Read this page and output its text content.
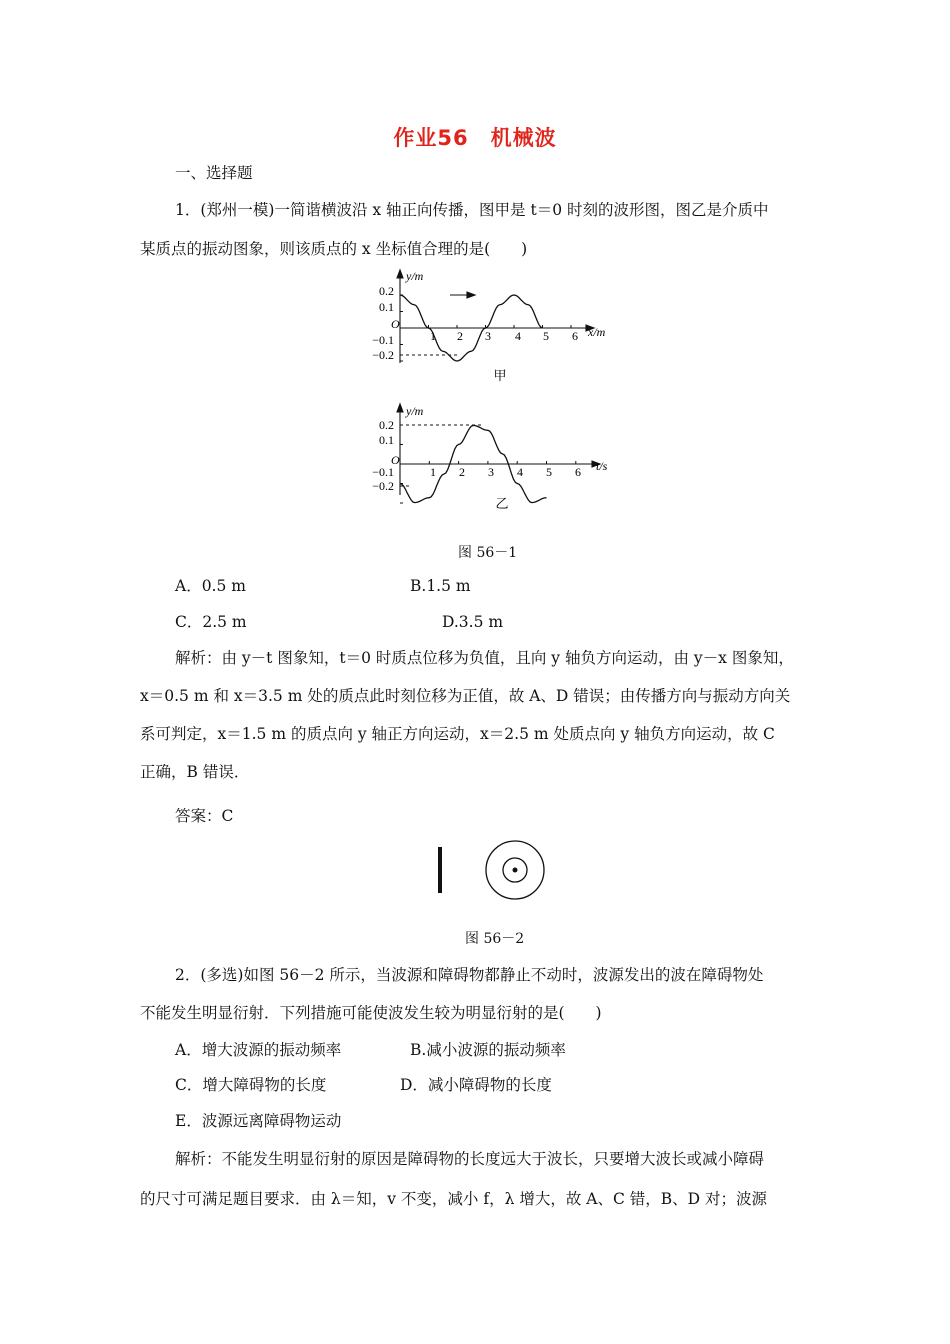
作业56　机械波
一、选择题
1．(郑州一模)一简谐横波沿 x 轴正向传播，图甲是 t＝0 时刻的波形图，图乙是介质中
某质点的振动图象，则该质点的 x 坐标值合理的是(　　)
y/m
x/m
O
0.2
0.1
−0.1
−0.2
1 2 3 4 5 6
甲
y/m
t/s
O
0.2
0.1
−0.1
−0.2
1 2 3 4 5 6
乙
图 56－1
A．0.5 m	B.1.5 m
C．2.5 m	D.3.5 m
解析：由 y－t 图象知，t＝0 时质点位移为负值，且向 y 轴负方向运动，由 y－x 图象知，
x＝0.5 m 和 x＝3.5 m 处的质点此时刻位移为正值，故 A、D 错误；由传播方向与振动方向关
系可判定，x＝1.5 m 的质点向 y 轴正方向运动，x＝2.5 m 处质点向 y 轴负方向运动，故 C
正确，B 错误．
答案：C
图 56－2
2．(多选)如图 56－2 所示，当波源和障碍物都静止不动时，波源发出的波在障碍物处
不能发生明显衍射．下列措施可能使波发生较为明显衍射的是(　　)
A．增大波源的振动频率	B.减小波源的振动频率
C．增大障碍物的长度	D．减小障碍物的长度
E．波源远离障碍物运动
解析：不能发生明显衍射的原因是障碍物的长度远大于波长，只要增大波长或减小障碍
的尺寸可满足题目要求．由 λ＝知，v 不变，减小 f，λ 增大，故 A、C 错，B、D 对；波源
